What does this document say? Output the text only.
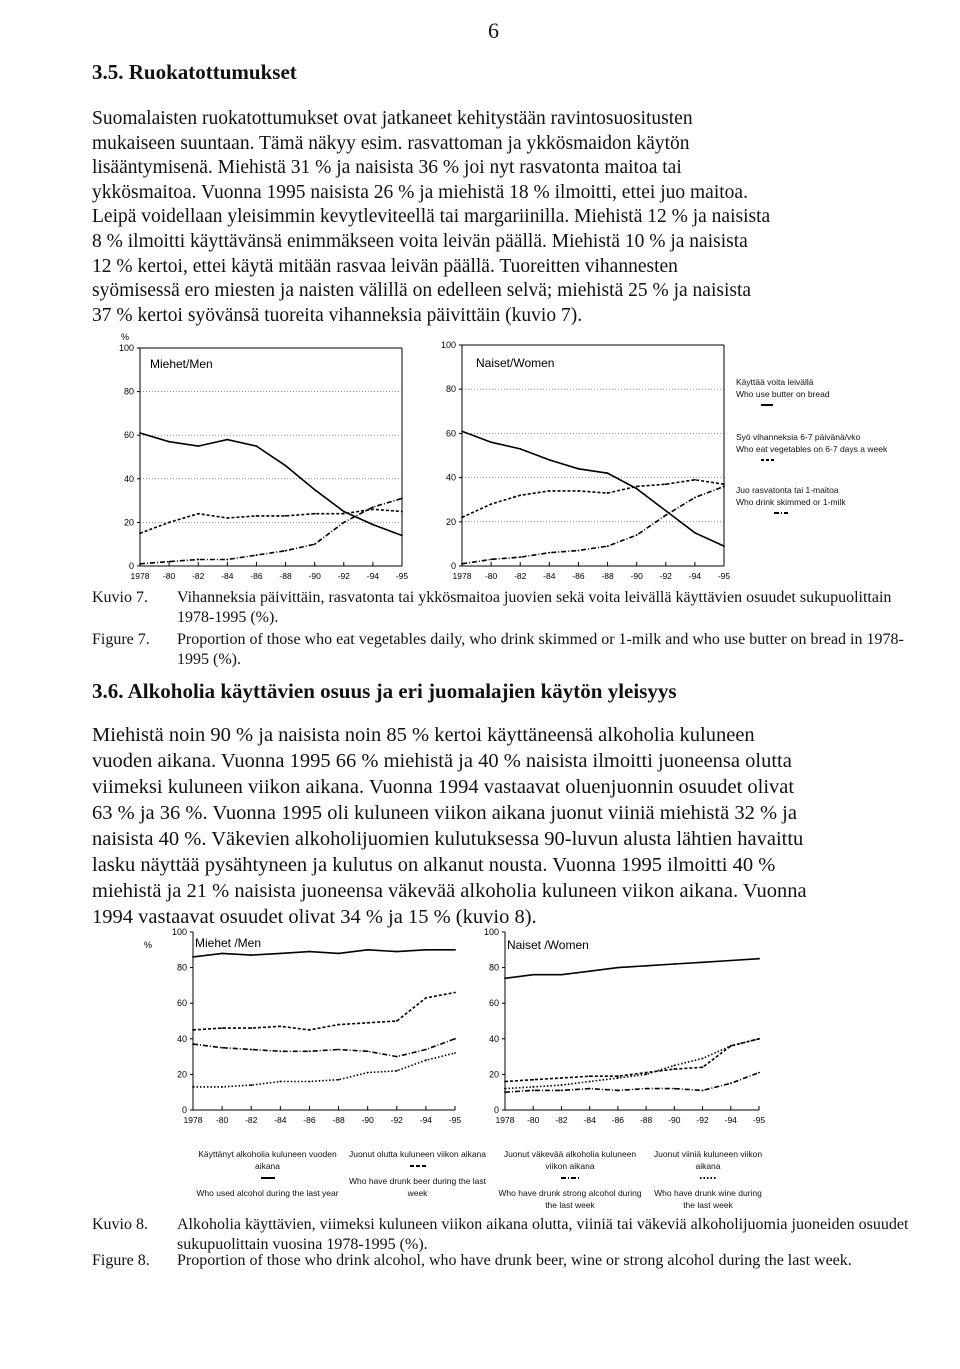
6
3.5. Ruokatottumukset
Suomalaisten ruokatottumukset ovat jatkaneet kehitystään ravintosuositusten
mukaiseen suuntaan. Tämä näkyy esim. rasvattoman ja ykkösmaidon käytön
lisääntymisenä. Miehistä 31 % ja naisista 36 % joi nyt rasvatonta maitoa tai
ykkösmaitoa. Vuonna 1995 naisista 26 % ja miehistä 18 % ilmoitti, ettei juo maitoa.
Leipä voidellaan yleisimmin kevytleviteellä tai margariinilla. Miehistä 12 % ja naisista
8 % ilmoitti käyttävänsä enimmäkseen voita leivän päällä. Miehistä 10 % ja naisista
12 % kertoi, ettei käytä mitään rasvaa leivän päällä. Tuoreitten vihannesten
syömisessä ero miesten ja naisten välillä on edelleen selvä; miehistä 25 % ja naisista
37 % kertoi syövänsä tuoreita vihanneksia päivittäin (kuvio 7).
0
20
40
60
80
100
%
1978 -80 -82 -84 -86 -88 -90 -92 -94 -95
Miehet/Men
0
20
40
60
80
100
1978 -80 -82 -84 -86 -88 -90 -92 -94 -95
Naiset/Women
Käyttää voita leivällä
Who use butter on bread
Syö vihanneksia 6-7 päivänä/vko
Who eat vegetables on 6-7 days a week
Juo rasvatonta tai 1-maitoa
Who drink skimmed or 1-milk
Kuvio 7. Vihanneksia päivittäin, rasvatonta tai ykkösmaitoa juovien sekä voita leivällä käyttävien osuudet sukupuolittain 1978-1995 (%).
Figure 7. Proportion of those who eat vegetables daily, who drink skimmed or 1-milk and who use butter on bread in 1978-1995 (%).
3.6. Alkoholia käyttävien osuus ja eri juomalajien käytön yleisyys
Miehistä noin 90 % ja naisista noin 85 % kertoi käyttäneensä alkoholia kuluneen
vuoden aikana. Vuonna 1995 66 % miehistä ja 40 % naisista ilmoitti juoneensa olutta
viimeksi kuluneen viikon aikana. Vuonna 1994 vastaavat oluenjuonnin osuudet olivat
63 % ja 36 %. Vuonna 1995 oli kuluneen viikon aikana juonut viiniä miehistä 32 % ja
naisista 40 %. Väkevien alkoholijuomien kulutuksessa 90-luvun alusta lähtien havaittu
lasku näyttää pysähtyneen ja kulutus on alkanut nousta. Vuonna 1995 ilmoitti 40 %
miehistä ja 21 % naisista juoneensa väkevää alkoholia kuluneen viikon aikana. Vuonna
1994 vastaavat osuudet olivat 34 % ja 15 % (kuvio 8).
0
20
40
60
80
100
%
1978 -80 -82 -84 -86 -88 -90 -92 -94 -95
Miehet /Men
0
20
40
60
80
100
1978 -80 -82 -84 -86 -88 -90 -92 -94 -95
Naiset /Women
Käyttänyt alkoholia kuluneen vuoden aikana
Who used alcohol during the last year
Juonut olutta kuluneen viikon aikana
Who have drunk beer during the last week
Juonut väkevää alkoholia kuluneen viikon aikana
Who have drunk strong alcohol during the last week
Juonut viiniä kuluneen viikon aikana
Who have drunk wine during the last week
Kuvio 8. Alkoholia käyttävien, viimeksi kuluneen viikon aikana olutta, viiniä tai väkeviä alkoholijuomia juoneiden osuudet sukupuolittain vuosina 1978-1995 (%).
Figure 8. Proportion of those who drink alcohol, who have drunk beer, wine or strong alcohol during the last week.
